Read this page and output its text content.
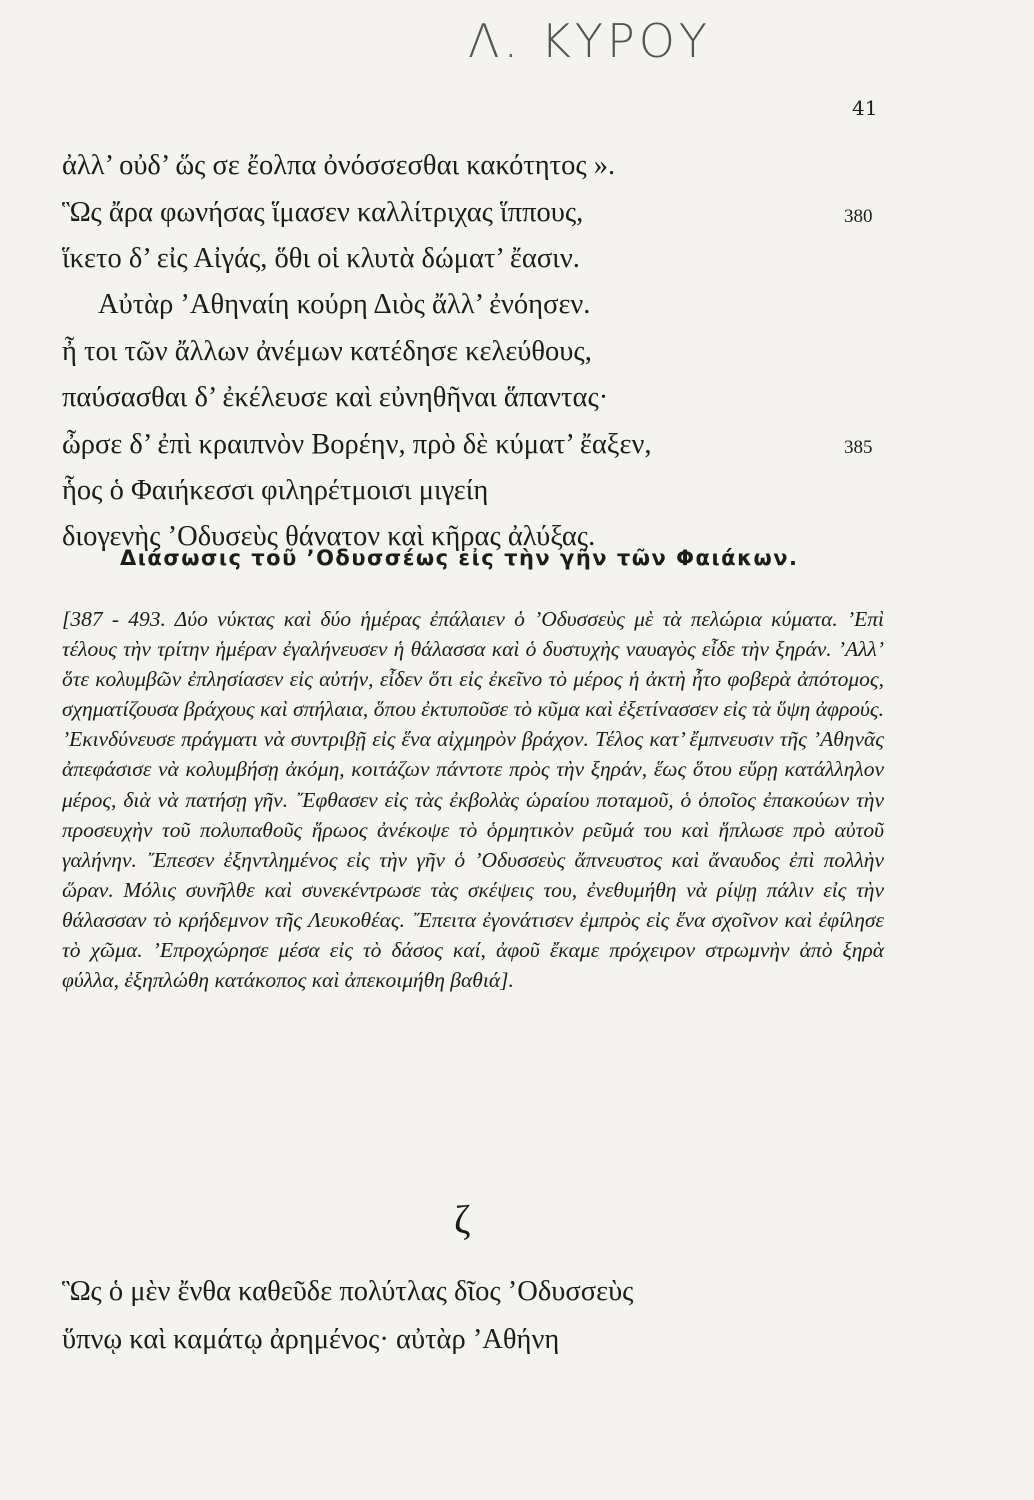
Λ. ΚΥΡΟΥ
41
ἀλλ’ οὐδ’ ὥς σε ἔολπα ὀνόσσεσθαι κακότητος ».
Ὣς ἄρα φωνήσας ἵμασεν καλλίτριχας ἵππους,	380
ἵκετο δ’ εἰς Αἰγάς, ὅθι οἱ κλυτὰ δώματ’ ἔασιν.
Αὐτὰρ ’Αθηναίη κούρη Διὸς ἄλλ’ ἐνόησεν.
ἦ τοι τῶν ἄλλων ἀνέμων κατέδησε κελεύθους,
παύσασθαι δ’ ἐκέλευσε καὶ εὐνηθῆναι ἅπαντας·
ὦρσε δ’ ἐπὶ κραιπνὸν Βορέην, πρὸ δὲ κύματ’ ἔαξεν,	385
ἧος ὁ Φαιήκεσσι φιληρέτμοισι μιγείη
διογενὴς ’Οδυσεὺς θάνατον καὶ κῆρας ἀλύξας.
Διάσωσις τοῦ ’Οδυσσέως εἰς τὴν γῆν τῶν Φαιάκων.
[387 - 493. Δύο νύκτας καὶ δύο ἡμέρας ἐπάλαιεν ὁ ’Οδυσσεὺς μὲ τὰ πελώρια κύματα. ’Επὶ τέλους τὴν τρίτην ἡμέραν ἐγαλήνευσεν ἡ θάλασσα καὶ ὁ δυστυχὴς ναυαγὸς εἶδε τὴν ξηράν. ’Αλλ’ ὅτε κολυμβῶν ἐπλησίασεν εἰς αὐτήν, εἶδεν ὅτι εἰς ἐκεῖνο τὸ μέρος ἡ ἀκτὴ ἦτο φοβερὰ ἀπότομος, σχηματίζουσα βράχους καὶ σπήλαια, ὅπου ἐκτυποῦσε τὸ κῦμα καὶ ἐξετίνασσεν εἰς τὰ ὕψη ἀφρούς. ’Εκινδύνευσε πράγματι νὰ συντριβῇ εἰς ἕνα αἰχμηρὸν βράχον. Τέλος κατ’ ἔμπνευσιν τῆς ’Αθηνᾶς ἀπεφάσισε νὰ κολυμβήσῃ ἀκόμη, κοιτάζων πάντοτε πρὸς τὴν ξηράν, ἕως ὅτου εὕρῃ κατάλληλον μέρος, διὰ νὰ πατήσῃ γῆν. ῎Εφθασεν εἰς τὰς ἐκβολὰς ὡραίου ποταμοῦ, ὁ ὁποῖος ἐπακούων τὴν προσευχὴν τοῦ πολυπαθοῦς ἥρωος ἀνέκοψε τὸ ὁρμητικὸν ρεῦμά του καὶ ἥπλωσε πρὸ αὐτοῦ γαλήνην. ῎Επεσεν ἐξηντλημένος εἰς τὴν γῆν ὁ ’Οδυσσεὺς ἄπνευστος καὶ ἄναυδος ἐπὶ πολλὴν ὥραν. Μόλις συνῆλθε καὶ συνεκέντρωσε τὰς σκέψεις του, ἐνεθυμήθη νὰ ρίψῃ πάλιν εἰς τὴν θάλασσαν τὸ κρήδεμνον τῆς Λευκοθέας. ῎Επειτα ἐγονάτισεν ἐμπρὸς εἰς ἕνα σχοῖνον καὶ ἐφίλησε τὸ χῶμα. ’Επροχώρησε μέσα εἰς τὸ δάσος καί, ἀφοῦ ἔκαμε πρόχειρον στρωμνὴν ἀπὸ ξηρὰ φύλλα, ἐξηπλώθη κατάκοπος καὶ ἀπεκοιμήθη βαθιά].
ζ
Ὣς ὁ μὲν ἔνθα καθεῦδε πολύτλας δῖος ’Οδυσσεὺς
ὕπνῳ καὶ καμάτῳ ἀρημένος· αὐτὰρ ’Αθήνη
